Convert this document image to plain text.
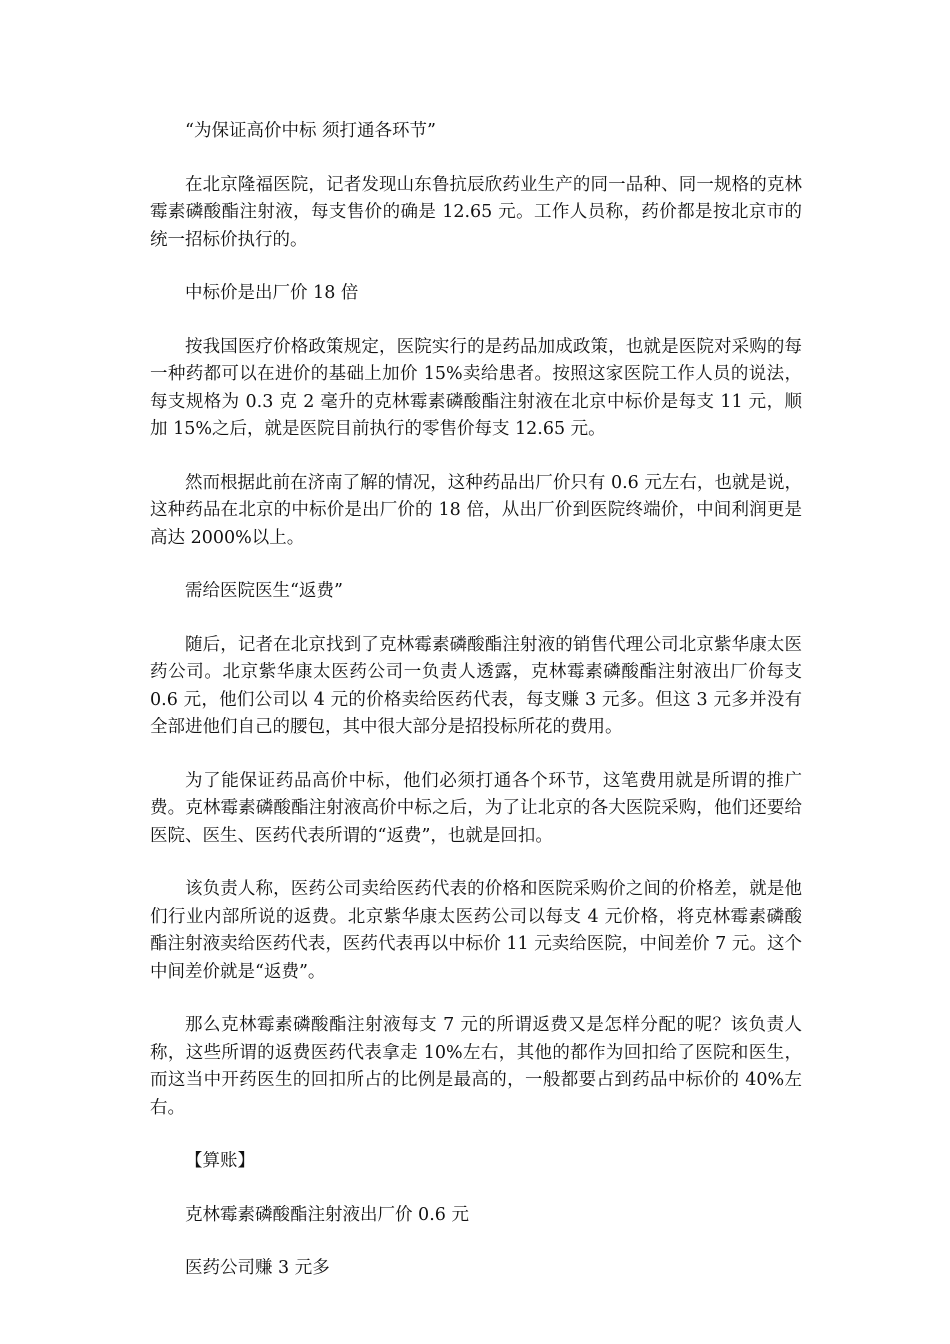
“为保证高价中标 须打通各环节”

在北京隆福医院，记者发现山东鲁抗辰欣药业生产的同一品种、同一规格的克林霉素磷酸酯注射液，每支售价的确是 12.65 元。工作人员称，药价都是按北京市的统一招标价执行的。

中标价是出厂价 18 倍

按我国医疗价格政策规定，医院实行的是药品加成政策，也就是医院对采购的每一种药都可以在进价的基础上加价 15%卖给患者。按照这家医院工作人员的说法，每支规格为 0.3 克 2 毫升的克林霉素磷酸酯注射液在北京中标价是每支 11 元，顺加 15%之后，就是医院目前执行的零售价每支 12.65 元。

然而根据此前在济南了解的情况，这种药品出厂价只有 0.6 元左右，也就是说，这种药品在北京的中标价是出厂价的 18 倍，从出厂价到医院终端价，中间利润更是高达 2000%以上。

需给医院医生“返费”

随后，记者在北京找到了克林霉素磷酸酯注射液的销售代理公司北京紫华康太医药公司。北京紫华康太医药公司一负责人透露，克林霉素磷酸酯注射液出厂价每支 0.6 元，他们公司以 4 元的价格卖给医药代表，每支赚 3 元多。但这 3 元多并没有全部进他们自己的腰包，其中很大部分是招投标所花的费用。

为了能保证药品高价中标，他们必须打通各个环节，这笔费用就是所谓的推广费。克林霉素磷酸酯注射液高价中标之后，为了让北京的各大医院采购，他们还要给医院、医生、医药代表所谓的“返费”，也就是回扣。

该负责人称，医药公司卖给医药代表的价格和医院采购价之间的价格差，就是他们行业内部所说的返费。北京紫华康太医药公司以每支 4 元价格，将克林霉素磷酸酯注射液卖给医药代表，医药代表再以中标价 11 元卖给医院，中间差价 7 元。这个中间差价就是“返费”。

那么克林霉素磷酸酯注射液每支 7 元的所谓返费又是怎样分配的呢？该负责人称，这些所谓的返费医药代表拿走 10%左右，其他的都作为回扣给了医院和医生，而这当中开药医生的回扣所占的比例是最高的，一般都要占到药品中标价的 40%左右。

【算账】

克林霉素磷酸酯注射液出厂价 0.6 元

医药公司赚 3 元多
